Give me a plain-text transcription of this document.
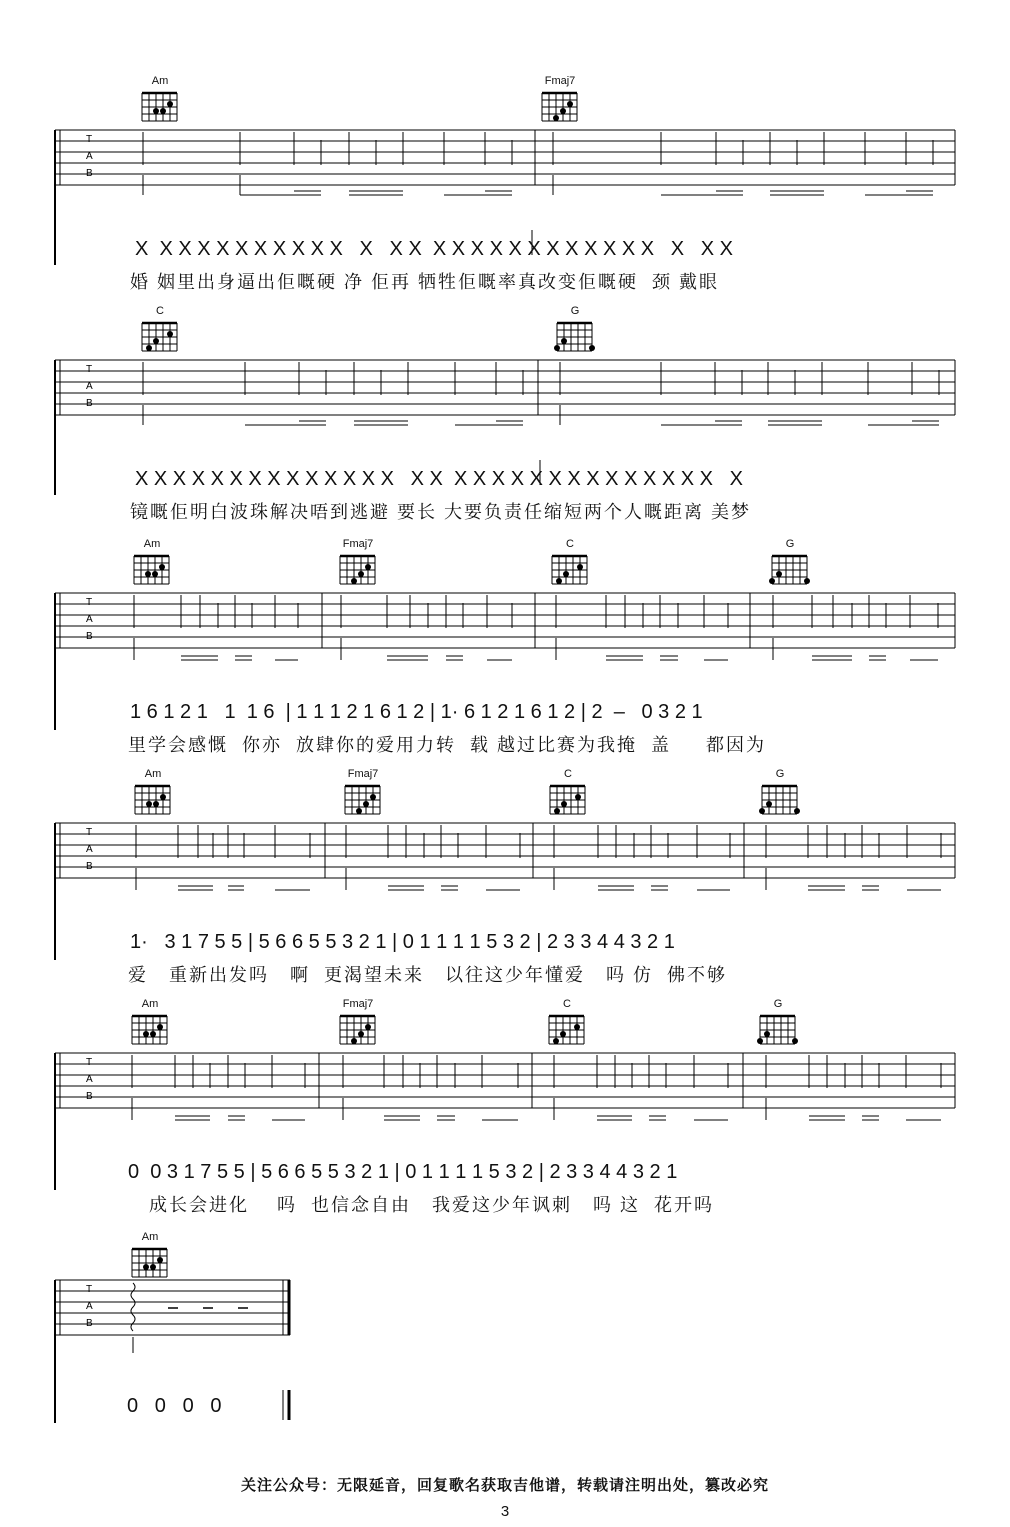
Am	Fmaj7
T
A
B
X  X X X X X X X X X X   X   X X  X X X X X X X X X X X X   X   X X
婚 姻里出身逼出佢嘅硬 净 佢再 牺牲佢嘅率真改变佢嘅硬  颈 戴眼
C	G
T
A
B
X X X X X X X X X X X X X X   X X  X X X X X X X X X X X X X X   X
镜嘅佢明白波珠解决唔到逃避 要长 大要负责任缩短两个人嘅距离 美梦
Am	Fmaj7	C	G
T
A
B
1 6 1 2 1   1  1 6  | 1 1 1 2 1 6 1 2 | 1· 6 1 2 1 6 1 2 | 2  –   0 3 2 1
里学会感慨  你亦  放肆你的爱用力转  载 越过比赛为我掩  盖     都因为
Am	Fmaj7	C	G
T
A
B
1·   3 1 7 5 5 | 5 6 6 5 5 3 2 1 | 0 1 1 1 1 5 3 2 | 2 3 3 4 4 3 2 1
爱   重新出发吗   啊  更渴望未来   以往这少年懂爱   吗 仿  佛不够
Am	Fmaj7	C	G
T
A
B
0  0 3 1 7 5 5 | 5 6 6 5 5 3 2 1 | 0 1 1 1 1 5 3 2 | 2 3 3 4 4 3 2 1
成长会进化    吗  也信念自由   我爱这少年讽刺   吗 这  花开吗
Am
T
A
B
0   0   0   0
关注公众号：无限延音，回复歌名获取吉他谱，转载请注明出处，篡改必究
3
